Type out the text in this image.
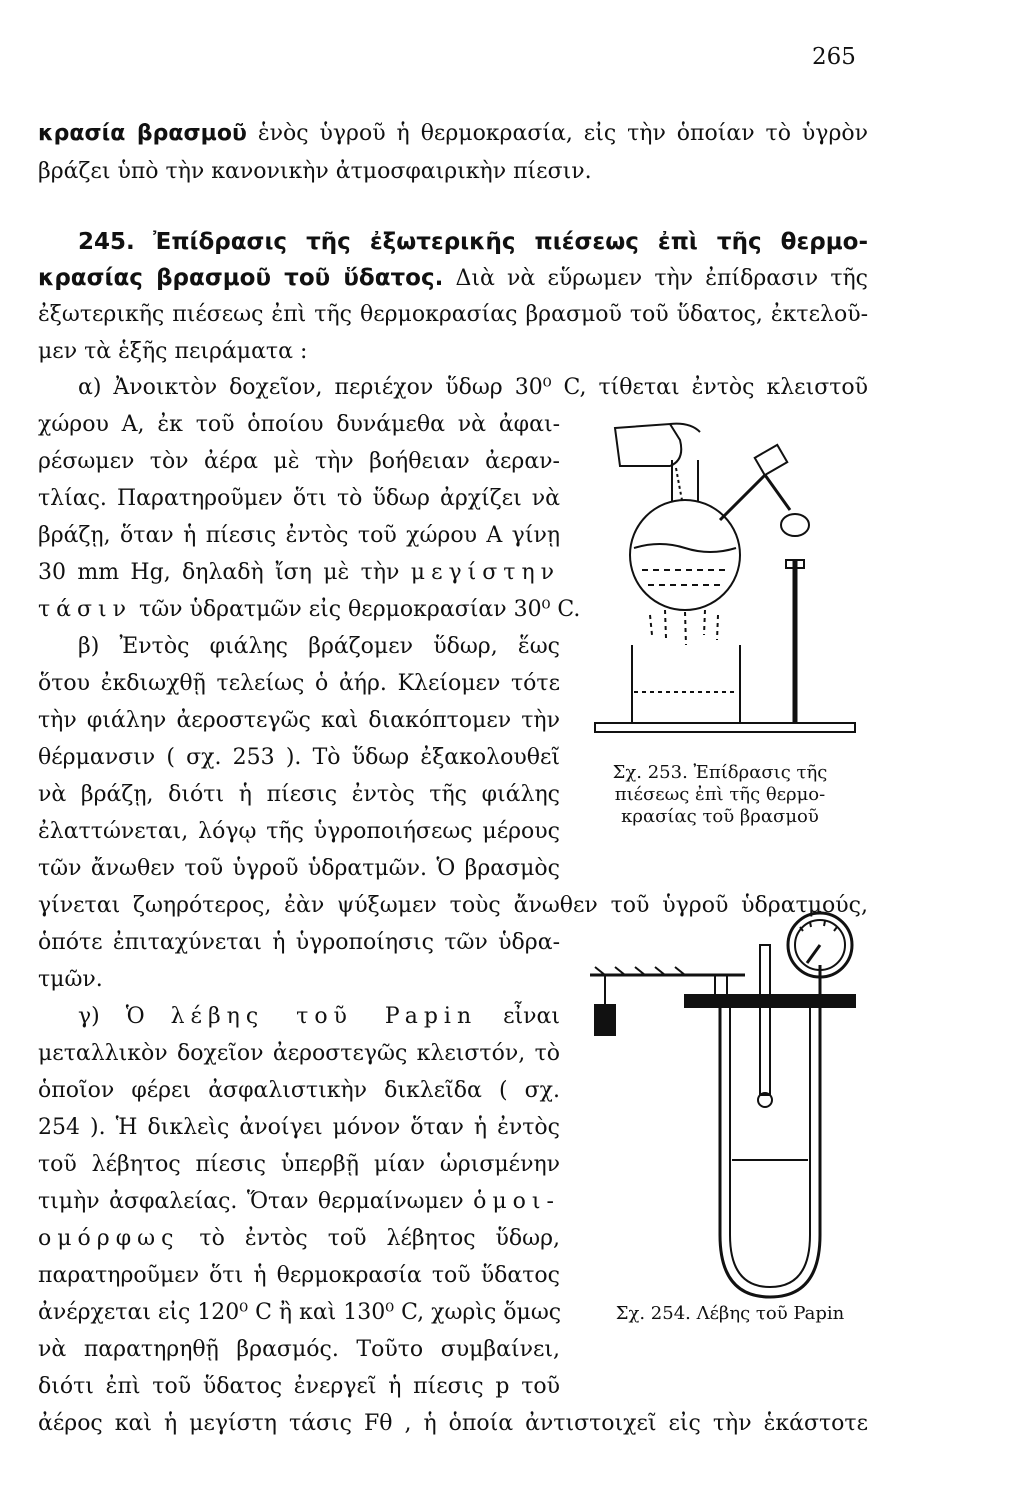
265
κρασία βρασμοῦ ἑνὸς ὑγροῦ ἡ θερμοκρασία, εἰς τὴν ὁποίαν τὸ ὑγρὸν
βράζει ὑπὸ τὴν κανονικὴν ἀτμοσφαιρικὴν πίεσιν.
245. Ἐπίδρασις τῆς ἐξωτερικῆς πιέσεως ἐπὶ τῆς θερμο-
κρασίας βρασμοῦ τοῦ ὕδατος. Διὰ νὰ εὕρωμεν τὴν ἐπίδρασιν τῆς
ἐξωτερικῆς πιέσεως ἐπὶ τῆς θερμοκρασίας βρασμοῦ τοῦ ὕδατος, ἐκτελοῦ-
μεν τὰ ἑξῆς πειράματα :
α) Ἀνοικτὸν δοχεῖον, περιέχον ὕδωρ 30⁰ C, τίθεται ἐντὸς κλειστοῦ
χώρου Α, ἐκ τοῦ ὁποίου δυνάμεθα νὰ ἀφαι-
ρέσωμεν τὸν ἀέρα μὲ τὴν βοήθειαν ἀεραν-
τλίας. Παρατηροῦμεν ὅτι τὸ ὕδωρ ἀρχίζει νὰ
βράζῃ, ὅταν ἡ πίεσις ἐντὸς τοῦ χώρου Α γίνῃ
30 mm Hg, δηλαδὴ ἴση μὲ τὴν μεγίστην
τάσιν τῶν ὑδρατμῶν εἰς θερμοκρασίαν 30⁰ C.
β) Ἐντὸς φιάλης βράζομεν ὕδωρ, ἕως
ὅτου ἐκδιωχθῇ τελείως ὁ ἀήρ. Κλείομεν τότε
τὴν φιάλην ἀεροστεγῶς καὶ διακόπτομεν τὴν
θέρμανσιν ( σχ. 253 ). Τὸ ὕδωρ ἐξακολουθεῖ
νὰ βράζῃ, διότι ἡ πίεσις ἐντὸς τῆς φιάλης
ἐλαττώνεται, λόγῳ τῆς ὑγροποιήσεως μέρους
τῶν ἄνωθεν τοῦ ὑγροῦ ὑδρατμῶν. Ὁ βρασμὸς
γίνεται ζωηρότερος, ἐὰν ψύξωμεν τοὺς ἄνωθεν τοῦ ὑγροῦ ὑδρατμούς,
ὁπότε ἐπιταχύνεται ἡ ὑγροποίησις τῶν ὑδρα-
τμῶν.
γ) Ὁ λέβης τοῦ Papin εἶναι
μεταλλικὸν δοχεῖον ἀεροστεγῶς κλειστόν, τὸ
ὁποῖον φέρει ἀσφαλιστικὴν δικλεῖδα ( σχ.
254 ). Ἡ δικλεὶς ἀνοίγει μόνον ὅταν ἡ ἐντὸς
τοῦ λέβητος πίεσις ὑπερβῇ μίαν ὡρισμένην
τιμὴν ἀσφαλείας. Ὅταν θερμαίνωμεν ὁμοι-
ομόρφως τὸ ἐντὸς τοῦ λέβητος ὕδωρ,
παρατηροῦμεν ὅτι ἡ θερμοκρασία τοῦ ὕδατος
ἀνέρχεται εἰς 120⁰ C ἢ καὶ 130⁰ C, χωρὶς ὅμως
νὰ παρατηρηθῇ βρασμός. Τοῦτο συμβαίνει,
διότι ἐπὶ τοῦ ὕδατος ἐνεργεῖ ἡ πίεσις p τοῦ
ἀέρος καὶ ἡ μεγίστη τάσις Fθ , ἡ ὁποία ἀντιστοιχεῖ εἰς τὴν ἑκάστοτε
Σχ. 253. Ἐπίδρασις τῆς
πιέσεως ἐπὶ τῆς θερμο-
κρασίας τοῦ βρασμοῦ
Σχ. 254. Λέβης τοῦ Papin
